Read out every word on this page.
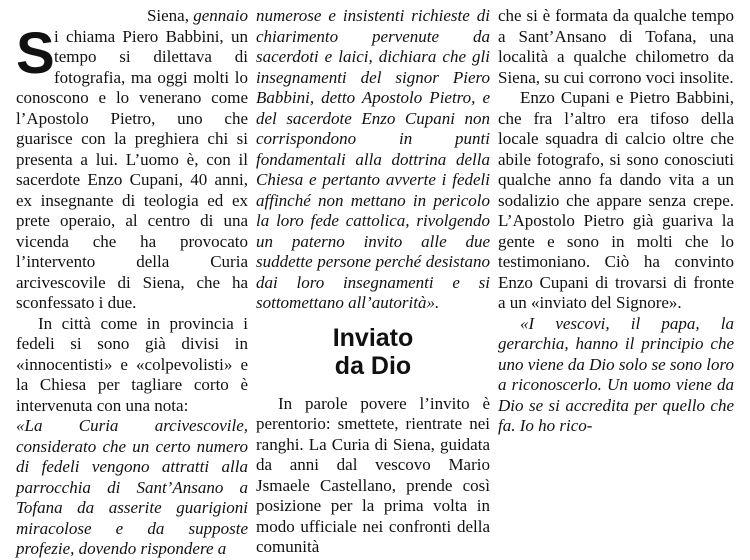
Siena, gennaio

S i chiama Piero Babbini, un tempo si dilettava di fotografia, ma oggi molti lo conoscono e lo venerano come l’Apostolo Pietro, uno che guarisce con la preghiera chi si presenta a lui. L’uomo è, con il sacerdote Enzo Cupani, 40 anni, ex insegnante di teologia ed ex prete operaio, al centro di una vicenda che ha provocato l’intervento della Curia arcivescovile di Siena, che ha sconfessato i due.

In città come in provincia i fedeli si sono già divisi in «innocentisti» e «colpevolisti» e la Chiesa per tagliare corto è intervenuta con una nota:

«La Curia arcivescovile, considerato che un certo numero di fedeli vengono attratti alla parrocchia di Sant’Ansano a Tofana da asserite guarigioni miracolose e da supposte profezie, dovendo rispondere a

numerose e insistenti richieste di chiarimento pervenute da sacerdoti e laici, dichiara che gli insegnamenti del signor Piero Babbini, detto Apostolo Pietro, e del sacerdote Enzo Cupani non corrispondono in punti fondamentali alla dottrina della Chiesa e pertanto avverte i fedeli affinché non mettano in pericolo la loro fede cattolica, rivolgendo un paterno invito alle due suddette persone perché desistano dai loro insegnamenti e si sottomettano all’autorità».

Inviato
da Dio

In parole povere l’invito è perentorio: smettete, rientrate nei ranghi. La Curia di Siena, guidata da anni dal vescovo Mario Jsmaele Castellano, prende così posizione per la prima volta in modo ufficiale nei confronti della comunità

che si è formata da qualche tempo a Sant’Ansano di Tofana, una località a qualche chilometro da Siena, su cui corrono voci insolite.

Enzo Cupani e Pietro Babbini, che fra l’altro era tifoso della locale squadra di calcio oltre che abile fotografo, si sono conosciuti qualche anno fa dando vita a un sodalizio che appare senza crepe. L’Apostolo Pietro già guariva la gente e sono in molti che lo testimoniano. Ciò ha convinto Enzo Cupani di trovarsi di fronte a un «inviato del Signore».

«I vescovi, il papa, la gerarchia, hanno il principio che uno viene da Dio solo se sono loro a riconoscerlo. Un uomo viene da Dio se si accredita per quello che fa. Io ho rico-
